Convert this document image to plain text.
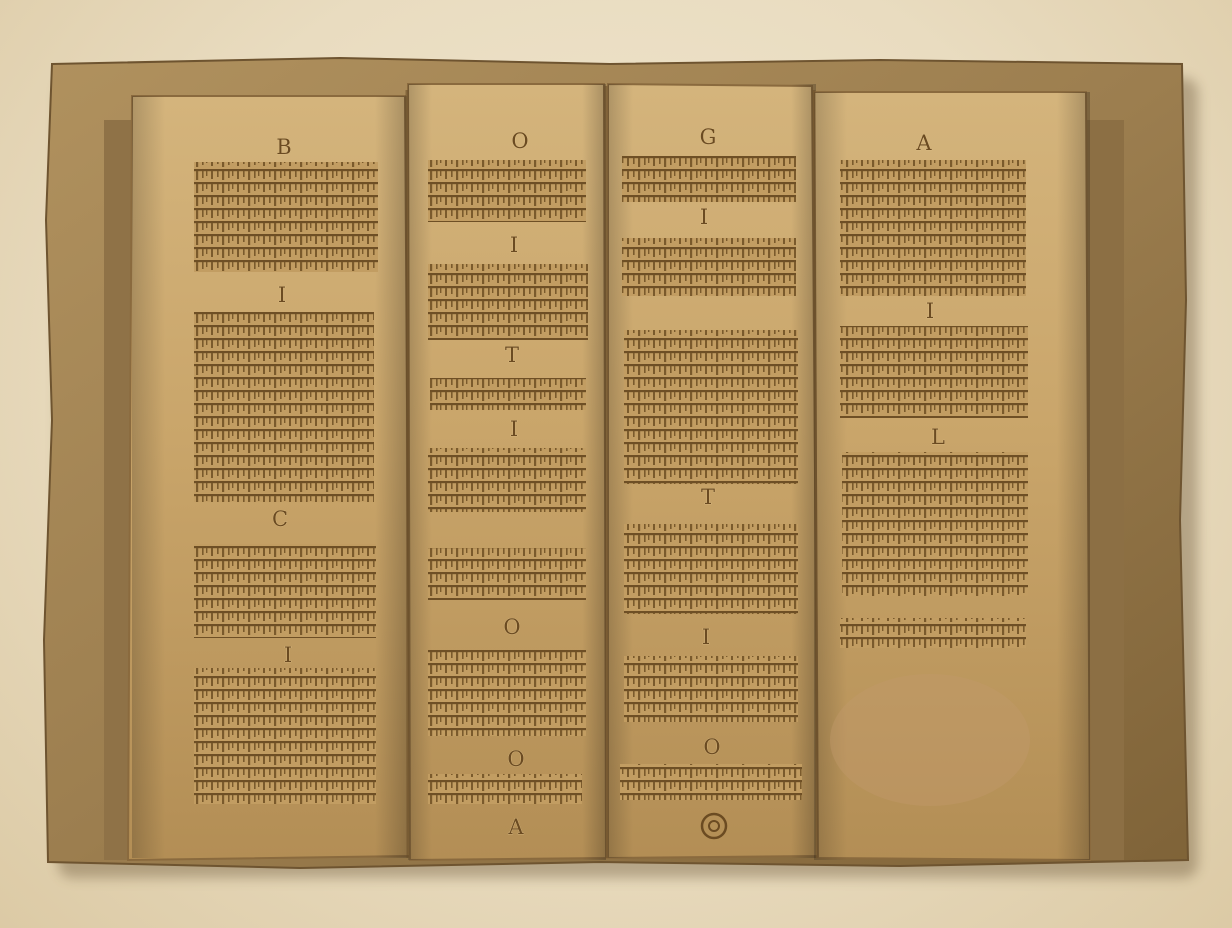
B
I
C
I
O
I
T
I
O
O
A
G
I
T
I
O
A
I
L
